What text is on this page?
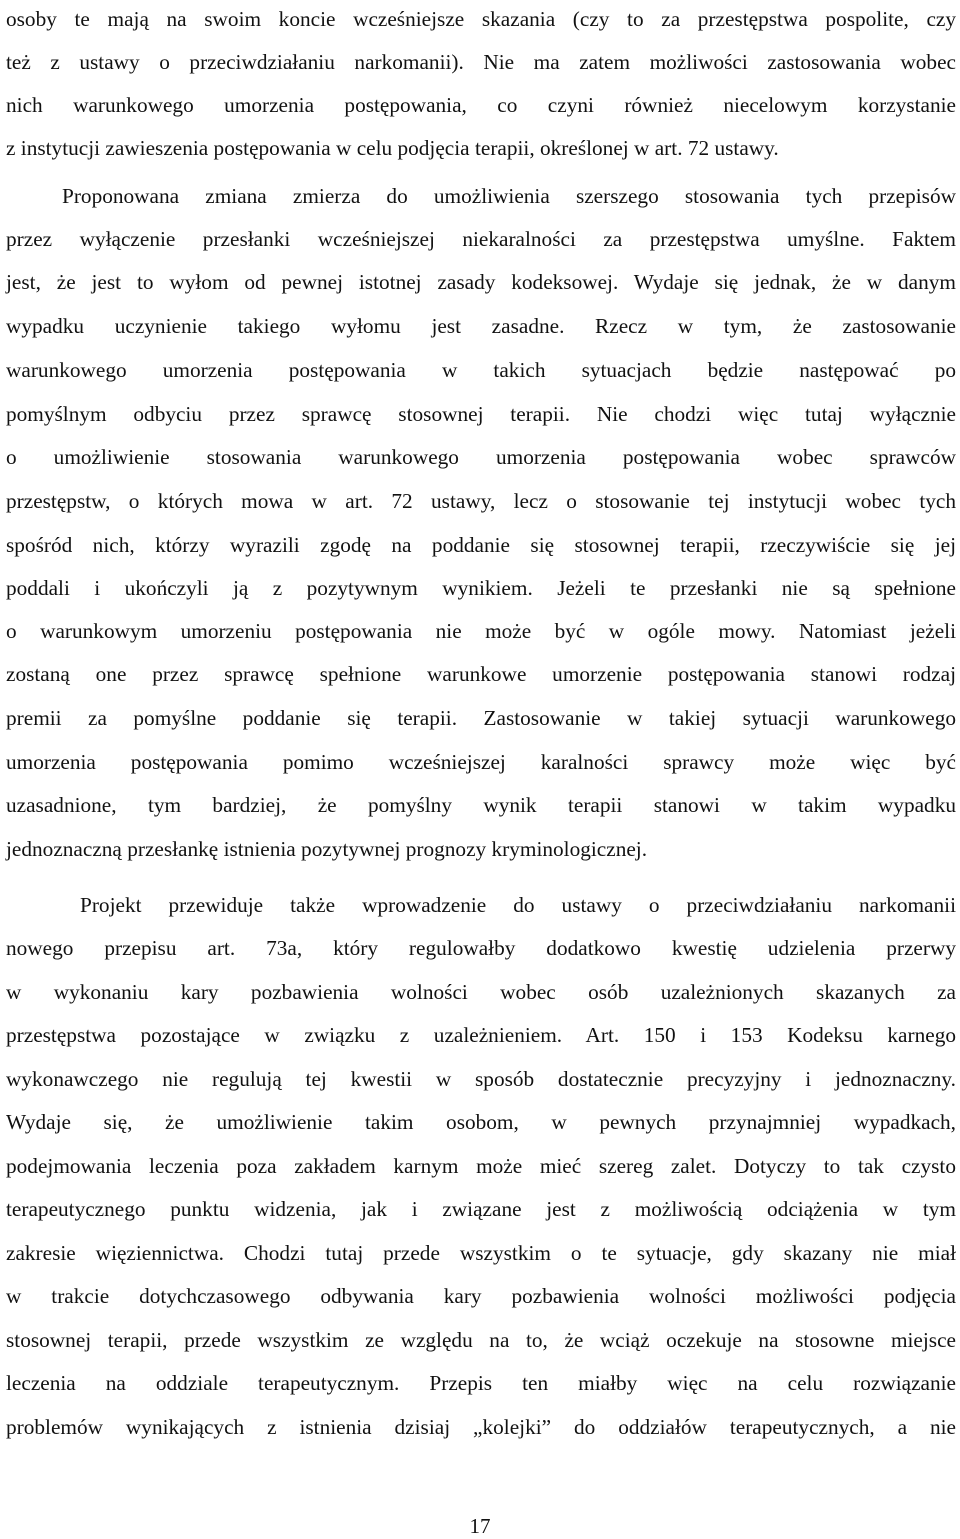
osoby te mają na swoim koncie wcześniejsze skazania (czy to za przestępstwa pospolite, czy
też z ustawy o przeciwdziałaniu narkomanii). Nie ma zatem możliwości zastosowania wobec
nich warunkowego umorzenia postępowania, co czyni również niecelowym korzystanie
z instytucji zawieszenia postępowania w celu podjęcia terapii, określonej w art. 72 ustawy.
Proponowana zmiana zmierza do umożliwienia szerszego stosowania tych przepisów
przez wyłączenie przesłanki wcześniejszej niekaralności za przestępstwa umyślne. Faktem
jest, że jest to wyłom od pewnej istotnej zasady kodeksowej. Wydaje się jednak, że w danym
wypadku uczynienie takiego wyłomu jest zasadne. Rzecz w tym, że zastosowanie
warunkowego umorzenia postępowania w takich sytuacjach będzie następować po
pomyślnym odbyciu przez sprawcę stosownej terapii. Nie chodzi więc tutaj wyłącznie
o umożliwienie stosowania warunkowego umorzenia postępowania wobec sprawców
przestępstw, o których mowa w art. 72 ustawy, lecz o stosowanie tej instytucji wobec tych
spośród nich, którzy wyrazili zgodę na poddanie się stosownej terapii, rzeczywiście się jej
poddali i ukończyli ją z pozytywnym wynikiem. Jeżeli te przesłanki nie są spełnione
o warunkowym umorzeniu postępowania nie może być w ogóle mowy. Natomiast jeżeli
zostaną one przez sprawcę spełnione warunkowe umorzenie postępowania stanowi rodzaj
premii za pomyślne poddanie się terapii. Zastosowanie w takiej sytuacji warunkowego
umorzenia postępowania pomimo wcześniejszej karalności sprawcy może więc być
uzasadnione, tym bardziej, że pomyślny wynik terapii stanowi w takim wypadku
jednoznaczną przesłankę istnienia pozytywnej prognozy kryminologicznej.
Projekt przewiduje także wprowadzenie do ustawy o przeciwdziałaniu narkomanii
nowego przepisu art. 73a, który regulowałby dodatkowo kwestię udzielenia przerwy
w wykonaniu kary pozbawienia wolności wobec osób uzależnionych skazanych za
przestępstwa pozostające w związku z uzależnieniem. Art. 150 i 153 Kodeksu karnego
wykonawczego nie regulują tej kwestii w sposób dostatecznie precyzyjny i jednoznaczny.
Wydaje się, że umożliwienie takim osobom, w pewnych przynajmniej wypadkach,
podejmowania leczenia poza zakładem karnym może mieć szereg zalet. Dotyczy to tak czysto
terapeutycznego punktu widzenia, jak i związane jest z możliwością odciążenia w tym
zakresie więziennictwa. Chodzi tutaj przede wszystkim o te sytuacje, gdy skazany nie miał
w trakcie dotychczasowego odbywania kary pozbawienia wolności możliwości podjęcia
stosownej terapii, przede wszystkim ze względu na to, że wciąż oczekuje na stosowne miejsce
leczenia na oddziale terapeutycznym. Przepis ten miałby więc na celu rozwiązanie
problemów wynikających z istnienia dzisiaj „kolejki” do oddziałów terapeutycznych, a nie
17
